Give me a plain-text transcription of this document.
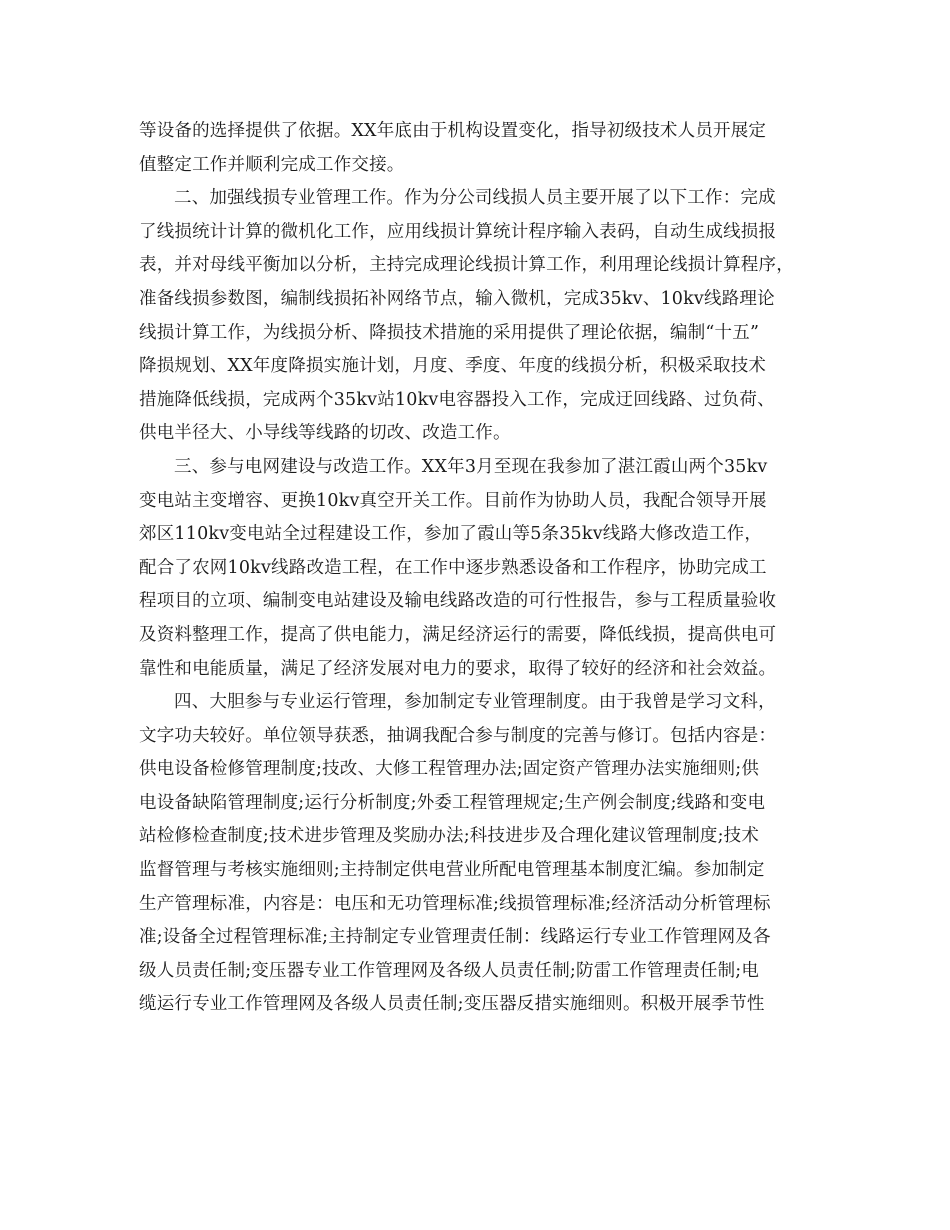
等设备的选择提供了依据。XX年底由于机构设置变化，指导初级技术人员开展定
值整定工作并顺利完成工作交接。
二、加强线损专业管理工作。作为分公司线损人员主要开展了以下工作：完成
了线损统计计算的微机化工作，应用线损计算统计程序输入表码，自动生成线损报
表，并对母线平衡加以分析，主持完成理论线损计算工作，利用理论线损计算程序，
准备线损参数图，编制线损拓补网络节点，输入微机，完成35kv、10kv线路理论
线损计算工作，为线损分析、降损技术措施的采用提供了理论依据，编制“十五”
降损规划、XX年度降损实施计划，月度、季度、年度的线损分析，积极采取技术
措施降低线损，完成两个35kv站10kv电容器投入工作，完成迂回线路、过负荷、
供电半径大、小导线等线路的切改、改造工作。
三、参与电网建设与改造工作。XX年3月至现在我参加了湛江霞山两个35kv
变电站主变增容、更换10kv真空开关工作。目前作为协助人员，我配合领导开展
郊区110kv变电站全过程建设工作，参加了霞山等5条35kv线路大修改造工作，
配合了农网10kv线路改造工程，在工作中逐步熟悉设备和工作程序，协助完成工
程项目的立项、编制变电站建设及输电线路改造的可行性报告，参与工程质量验收
及资料整理工作，提高了供电能力，满足经济运行的需要，降低线损，提高供电可
靠性和电能质量，满足了经济发展对电力的要求，取得了较好的经济和社会效益。
四、大胆参与专业运行管理，参加制定专业管理制度。由于我曾是学习文科，
文字功夫较好。单位领导获悉，抽调我配合参与制度的完善与修订。包括内容是：
供电设备检修管理制度;技改、大修工程管理办法;固定资产管理办法实施细则;供
电设备缺陷管理制度;运行分析制度;外委工程管理规定;生产例会制度;线路和变电
站检修检查制度;技术进步管理及奖励办法;科技进步及合理化建议管理制度;技术
监督管理与考核实施细则;主持制定供电营业所配电管理基本制度汇编。参加制定
生产管理标准，内容是：电压和无功管理标准;线损管理标准;经济活动分析管理标
准;设备全过程管理标准;主持制定专业管理责任制：线路运行专业工作管理网及各
级人员责任制;变压器专业工作管理网及各级人员责任制;防雷工作管理责任制;电
缆运行专业工作管理网及各级人员责任制;变压器反措实施细则。积极开展季节性
